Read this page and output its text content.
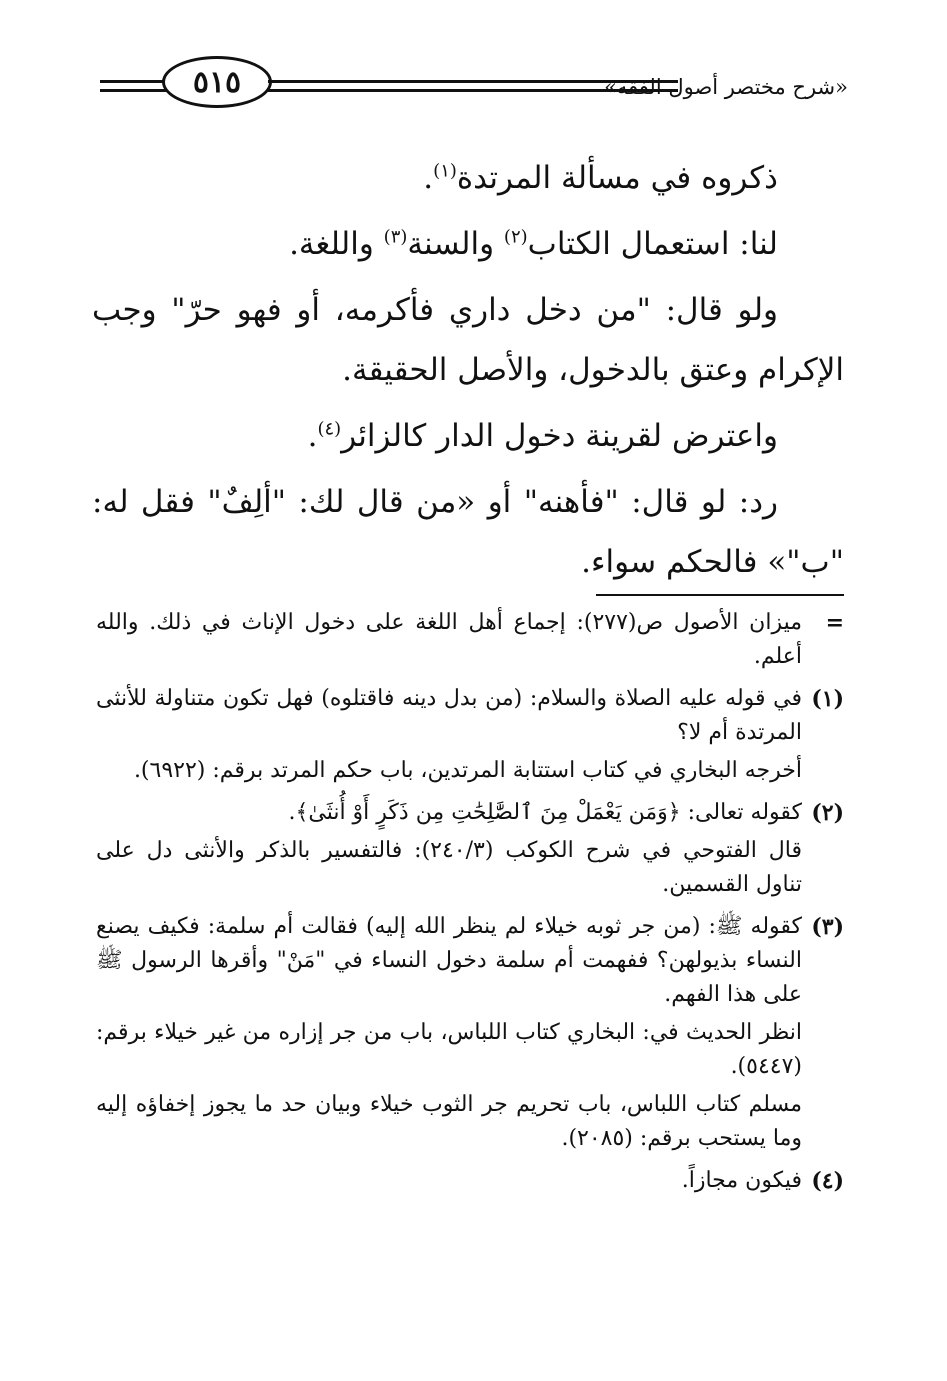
٥١٥	«شرح مختصر أصول الفقه»

ذكروه في مسألة المرتدة$^{(١)}$.

لنا: استعمال الكتاب$^{(٢)}$ والسنة$^{(٣)}$ واللغة.

ولو قال: "من دخل داري فأكرمه، أو فهو حرّ" وجب الإكرام وعتق بالدخول، والأصل الحقيقة.

واعترض لقرينة دخول الدار كالزائر$^{(٤)}$.

رد: لو قال: "فأهنه" أو «من قال لك: "ألِفٌ" فقل له: "ب"» فالحكم سواء.

=

ميزان الأصول ص(٢٧٧): إجماع أهل اللغة على دخول الإناث في ذلك. والله أعلم.

(١)

في قوله عليه الصلاة والسلام: (من بدل دينه فاقتلوه) فهل تكون متناولة للأنثى المرتدة أم لا؟

أخرجه البخاري في كتاب استتابة المرتدين، باب حكم المرتد برقم: (٦٩٢٢).

(٢)

كقوله تعالى: ﴿وَمَن يَعْمَلْ مِنَ ٱلصَّٰلِحَٰتِ مِن ذَكَرٍ أَوْ أُنثَىٰ﴾.

قال الفتوحي في شرح الكوكب (٢٤٠/٣): فالتفسير بالذكر والأنثى دل على تناول القسمين.

(٣)

كقوله ﷺ: (من جر ثوبه خيلاء لم ينظر الله إليه) فقالت أم سلمة: فكيف يصنع النساء بذيولهن؟ ففهمت أم سلمة دخول النساء في "مَنْ" وأقرها الرسول ﷺ على هذا الفهم.

انظر الحديث في: البخاري كتاب اللباس، باب من جر إزاره من غير خيلاء برقم: (٥٤٤٧).

مسلم كتاب اللباس، باب تحريم جر الثوب خيلاء وبيان حد ما يجوز إخفاؤه إليه وما يستحب برقم: (٢٠٨٥).

(٤)

فيكون مجازاً.
